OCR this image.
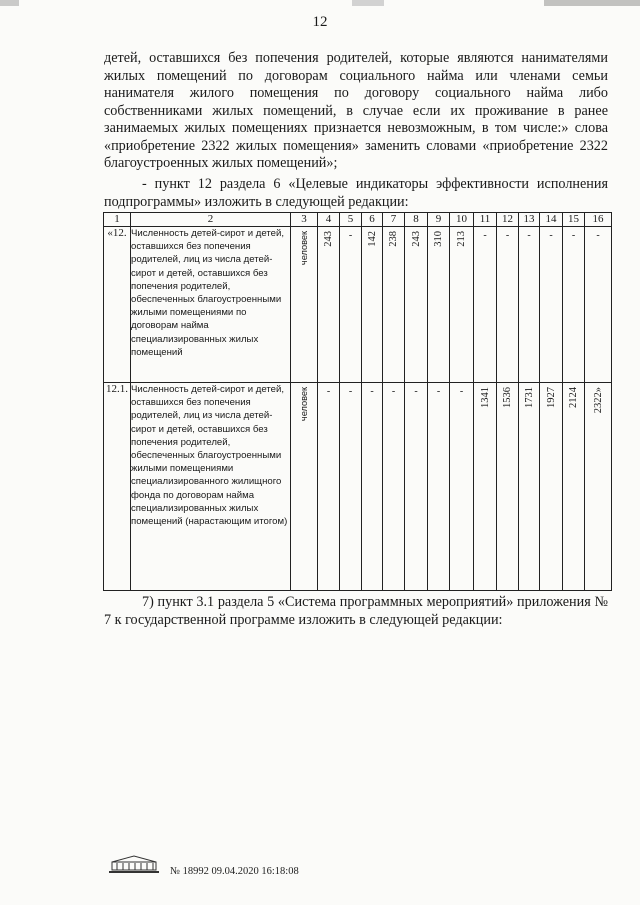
12
детей, оставшихся без попечения родителей, которые являются нанимателями жилых помещений по договорам социального найма или членами семьи нанимателя жилого помещения по договору социального найма либо собственниками жилых помещений, в случае если их проживание в ранее занимаемых жилых помещениях признается невозможным, в том числе:» слова «приобретение 2322 жилых помещения» заменить словами «приобретение 2322 благоустроенных жилых помещений»;
- пункт 12 раздела 6 «Целевые индикаторы эффективности исполнения подпрограммы» изложить в следующей редакции:
1	2	3	4	5	6	7	8	9	10	11	12	13	14	15	16
«12.	Численность детей-сирот и детей, оставшихся без попечения родителей, лиц из числа детей-сирот и детей, оставшихся без попечения родителей, обеспеченных благоустроенными жилыми помещениями по договорам найма специализированных жилых помещений	человек	243	-	142	238	243	310	213	-	-	-	-	-	-
12.1.	Численность детей-сирот и детей, оставшихся без попечения родителей, лиц из числа детей-сирот и детей, оставшихся без попечения родителей, обеспеченных благоустроенными жилыми помещениями специализированного жилищного фонда по договорам найма специализированных жилых помещений (нарастающим итогом)	человек	-	-	-	-	-	-	-	1341	1536	1731	1927	2124	2322»
7) пункт 3.1 раздела 5 «Система программных мероприятий» приложения № 7 к государственной программе изложить в следующей редакции:
№ 18992 09.04.2020 16:18:08
